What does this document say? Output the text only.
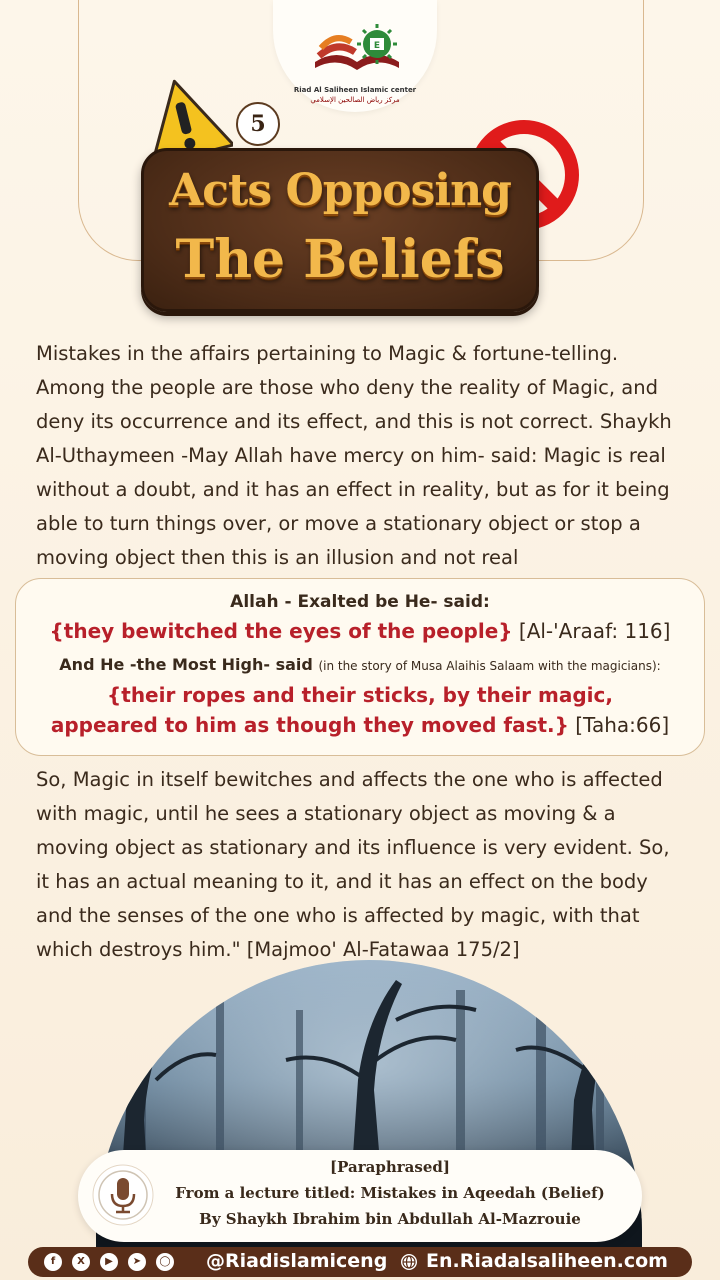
E
Riad Al Saliheen Islamic center
مركز رياض الصالحين الإسلامي
5
Acts Opposing
The Beliefs
Mistakes in the affairs pertaining to Magic & fortune-telling. Among the people are those who deny the reality of Magic, and deny its occurrence and its effect, and this is not correct. Shaykh Al-Uthaymeen -May Allah have mercy on him- said: Magic is real without a doubt, and it has an effect in reality, but as for it being able to turn things over, or move a stationary object or stop a moving object then this is an illusion and not real
Allah - Exalted be He- said:
{they bewitched the eyes of the people} [Al-'Araaf: 116]
And He -the Most High- said (in the story of Musa Alaihis Salaam with the magicians):
{their ropes and their sticks, by their magic,
appeared to him as though they moved fast.} [Taha:66]
So, Magic in itself bewitches and affects the one who is affected with magic, until he sees a stationary object as moving & a moving object as stationary and its influence is very evident. So, it has an actual meaning to it, and it has an effect on the body and the senses of the one who is affected by magic, with that which destroys him." [Majmoo' Al-Fatawaa 175/2]
[Paraphrased]
From a lecture titled: Mistakes in Aqeedah (Belief)
By Shaykh Ibrahim bin Abdullah Al-Mazrouie
f	X	▶	➤	◯ @Riadislamiceng En.Riadalsaliheen.com
